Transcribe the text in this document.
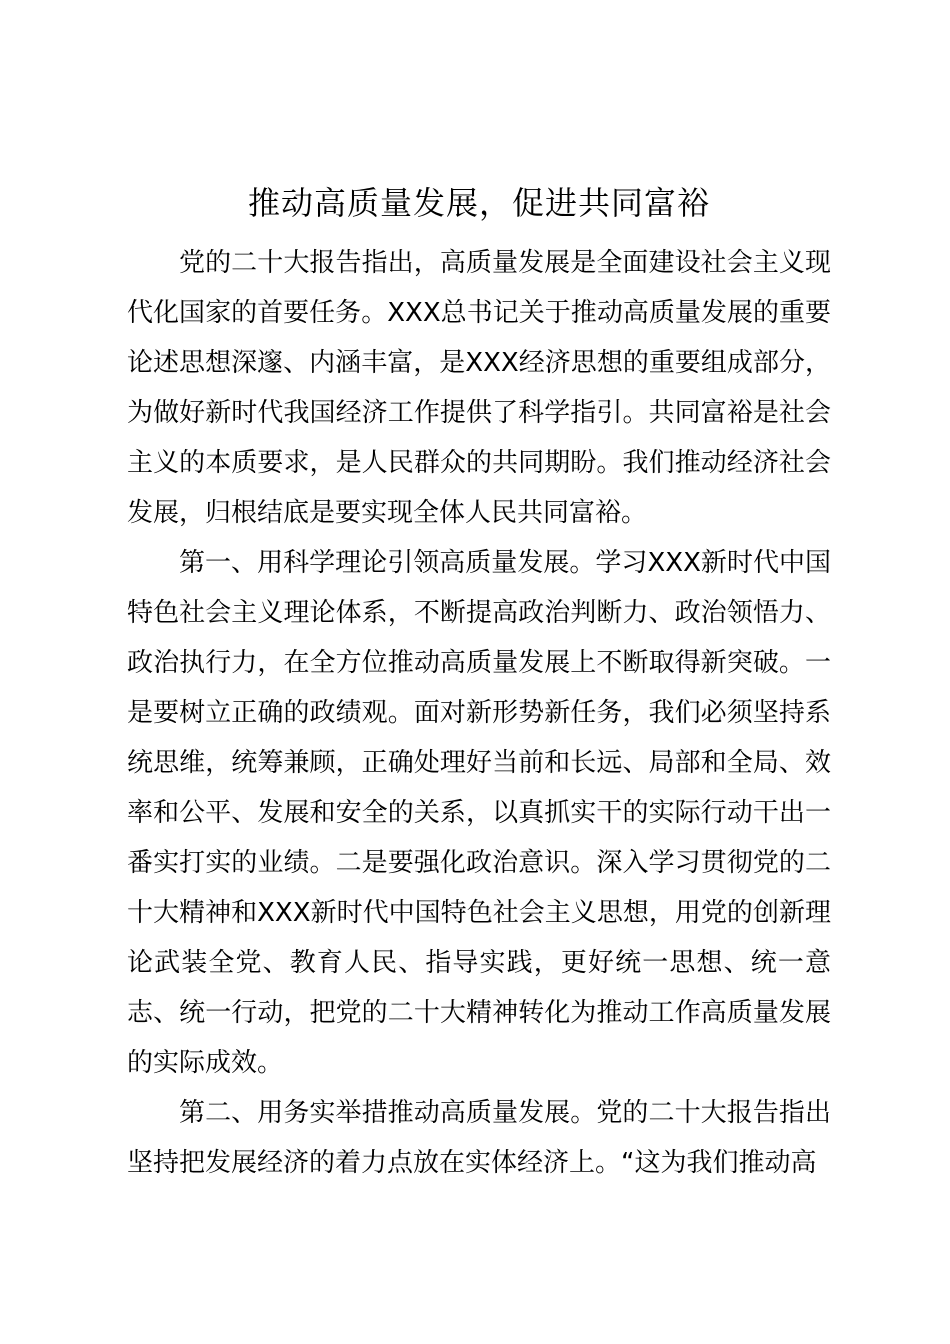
推动高质量发展，促进共同富裕

党的二十大报告指出，高质量发展是全面建设社会主义现代化国家的首要任务。XXX总书记关于推动高质量发展的重要论述思想深邃、内涵丰富，是XXX经济思想的重要组成部分，为做好新时代我国经济工作提供了科学指引。共同富裕是社会主义的本质要求，是人民群众的共同期盼。我们推动经济社会发展，归根结底是要实现全体人民共同富裕。

第一、用科学理论引领高质量发展。学习XXX新时代中国特色社会主义理论体系，不断提高政治判断力、政治领悟力、政治执行力，在全方位推动高质量发展上不断取得新突破。一是要树立正确的政绩观。面对新形势新任务，我们必须坚持系统思维，统筹兼顾，正确处理好当前和长远、局部和全局、效率和公平、发展和安全的关系，以真抓实干的实际行动干出一番实打实的业绩。二是要强化政治意识。深入学习贯彻党的二十大精神和XXX新时代中国特色社会主义思想，用党的创新理论武装全党、教育人民、指导实践，更好统一思想、统一意志、统一行动，把党的二十大精神转化为推动工作高质量发展的实际成效。

第二、用务实举措推动高质量发展。党的二十大报告指出坚持把发展经济的着力点放在实体经济上。“这为我们推动高
